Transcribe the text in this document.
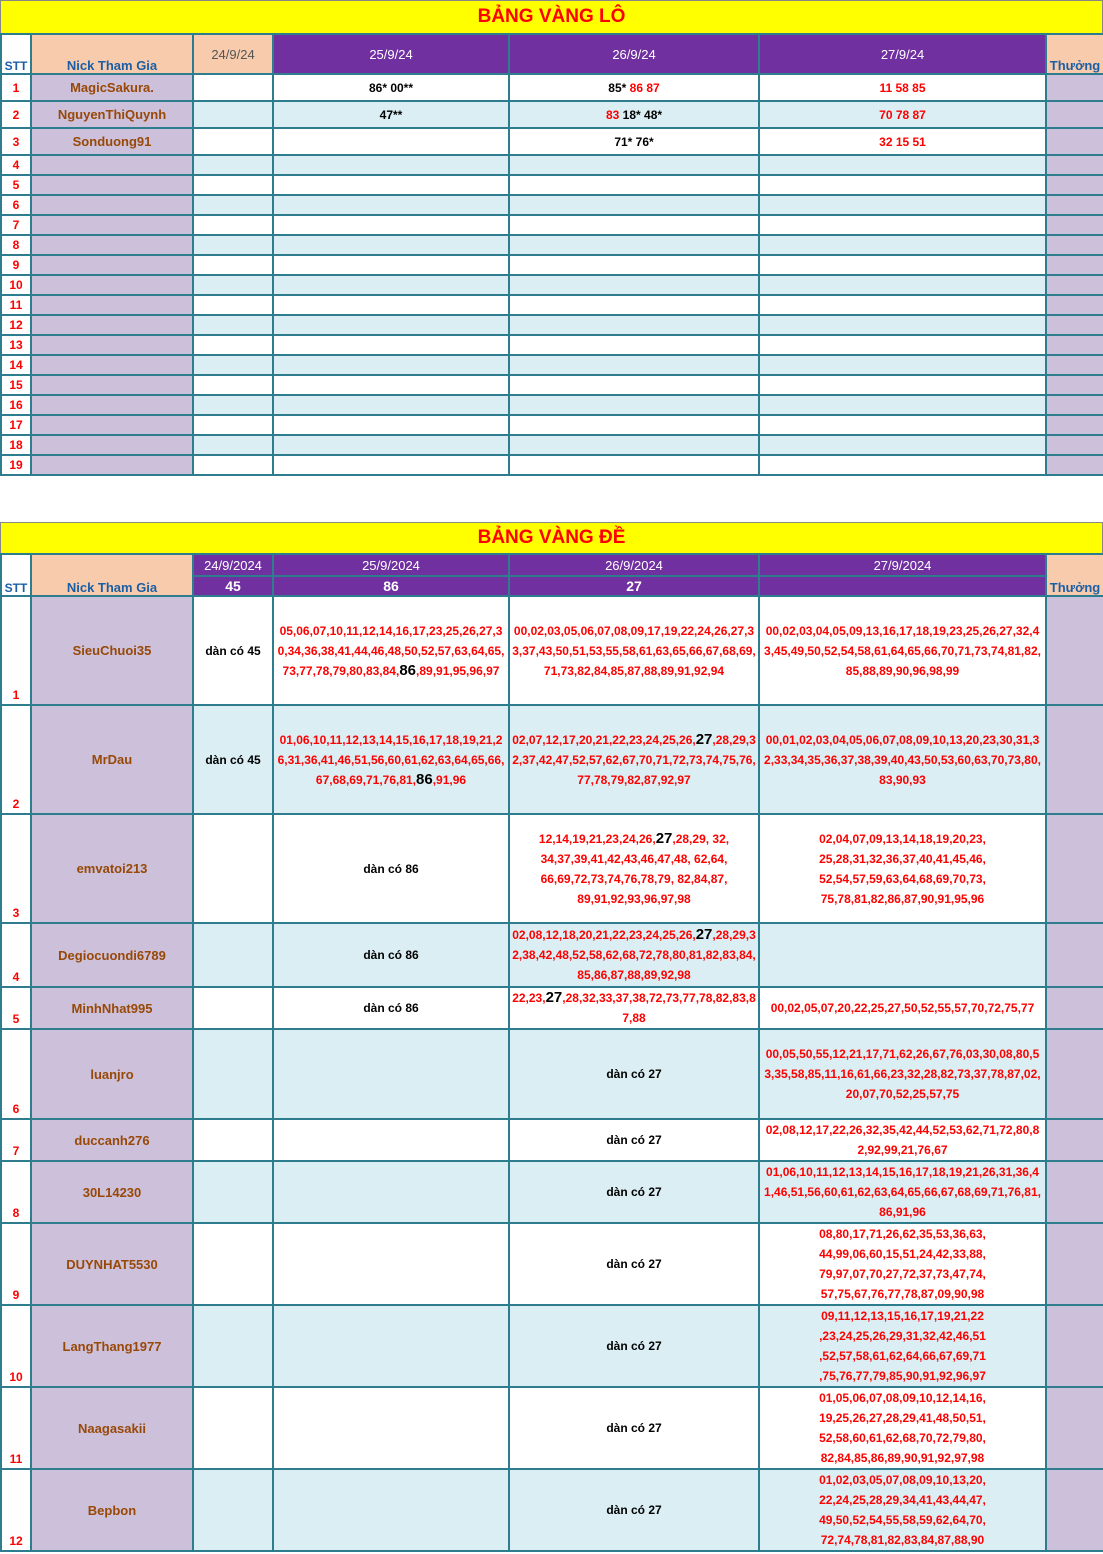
BẢNG VÀNG LÔ
STT	Nick Tham Gia	24/9/24	25/9/24	26/9/24	27/9/24	Thưởng
1	MagicSakura.		86* 00**	85* 86 87	11 58 85	
2	NguyenThiQuynh		47**	83 18* 48*	70 78 87	
3	Sonduong91			71* 76*	32 15 51	
4						
5						
6						
7						
8						
9						
10						
11						
12						
13						
14						
15						
16						
17						
18						
19						
BẢNG VÀNG ĐỀ
STT	Nick Tham Gia	24/9/2024	25/9/2024	26/9/2024	27/9/2024	Thưởng
		45	86	27		
1	SieuChuoi35	dàn có 45	05,06,07,10,11,12,14,16,17,23,25,26,27,30,34,36,38,41,44,46,48,50,52,57,63,64,65,73,77,78,79,80,83,84,86,89,91,95,96,97	00,02,03,05,06,07,08,09,17,19,22,24,26,27,33,37,43,50,51,53,55,58,61,63,65,66,67,68,69,71,73,82,84,85,87,88,89,91,92,94	00,02,03,04,05,09,13,16,17,18,19,23,25,26,27,32,43,45,49,50,52,54,58,61,64,65,66,70,71,73,74,81,82,85,88,89,90,96,98,99	
2	MrDau	dàn có 45	01,06,10,11,12,13,14,15,16,17,18,19,21,26,31,36,41,46,51,56,60,61,62,63,64,65,66,67,68,69,71,76,81,86,91,96	02,07,12,17,20,21,22,23,24,25,26,27,28,29,32,37,42,47,52,57,62,67,70,71,72,73,74,75,76,77,78,79,82,87,92,97	00,01,02,03,04,05,06,07,08,09,10,13,20,23,30,31,32,33,34,35,36,37,38,39,40,43,50,53,60,63,70,73,80,83,90,93	
3	emvatoi213		dàn có 86	12,14,19,21,23,24,26,27,28,29, 32,34,37,39,41,42,43,46,47,48, 62,64,66,69,72,73,74,76,78,79, 82,84,87,89,91,92,93,96,97,98	02,04,07,09,13,14,18,19,20,23, 25,28,31,32,36,37,40,41,45,46, 52,54,57,59,63,64,68,69,70,73, 75,78,81,82,86,87,90,91,95,96	
4	Degiocuondi6789		dàn có 86	02,08,12,18,20,21,22,23,24,25,26,27,28,29,32,38,42,48,52,58,62,68,72,78,80,81,82,83,84,85,86,87,88,89,92,98		
5	MinhNhat995		dàn có 86	22,23,27,28,32,33,37,38,72,73,77,78,82,83,87,88	00,02,05,07,20,22,25,27,50,52,55,57,70,72,75,77	
6	luanjro			dàn có 27	00,05,50,55,12,21,17,71,62,26,67,76,03,30,08,80,53,35,58,85,11,16,61,66,23,32,28,82,73,37,78,87,02,20,07,70,52,25,57,75	
7	duccanh276			dàn có 27	02,08,12,17,22,26,32,35,42,44,52,53,62,71,72,80,82,92,99,21,76,67	
8	30L14230			dàn có 27	01,06,10,11,12,13,14,15,16,17,18,19,21,26,31,36,41,46,51,56,60,61,62,63,64,65,66,67,68,69,71,76,81,86,91,96	
9	DUYNHAT5530			dàn có 27	08,80,17,71,26,62,35,53,36,63, 44,99,06,60,15,51,24,42,33,88, 79,97,07,70,27,72,37,73,47,74, 57,75,67,76,77,78,87,09,90,98	
10	LangThang1977			dàn có 27	09,11,12,13,15,16,17,19,21,22 ,23,24,25,26,29,31,32,42,46,51 ,52,57,58,61,62,64,66,67,69,71 ,75,76,77,79,85,90,91,92,96,97	
11	Naagasakii			dàn có 27	01,05,06,07,08,09,10,12,14,16, 19,25,26,27,28,29,41,48,50,51, 52,58,60,61,62,68,70,72,79,80, 82,84,85,86,89,90,91,92,97,98	
12	Bepbon			dàn có 27	01,02,03,05,07,08,09,10,13,20, 22,24,25,28,29,34,41,43,44,47, 49,50,52,54,55,58,59,62,64,70, 72,74,78,81,82,83,84,87,88,90	
